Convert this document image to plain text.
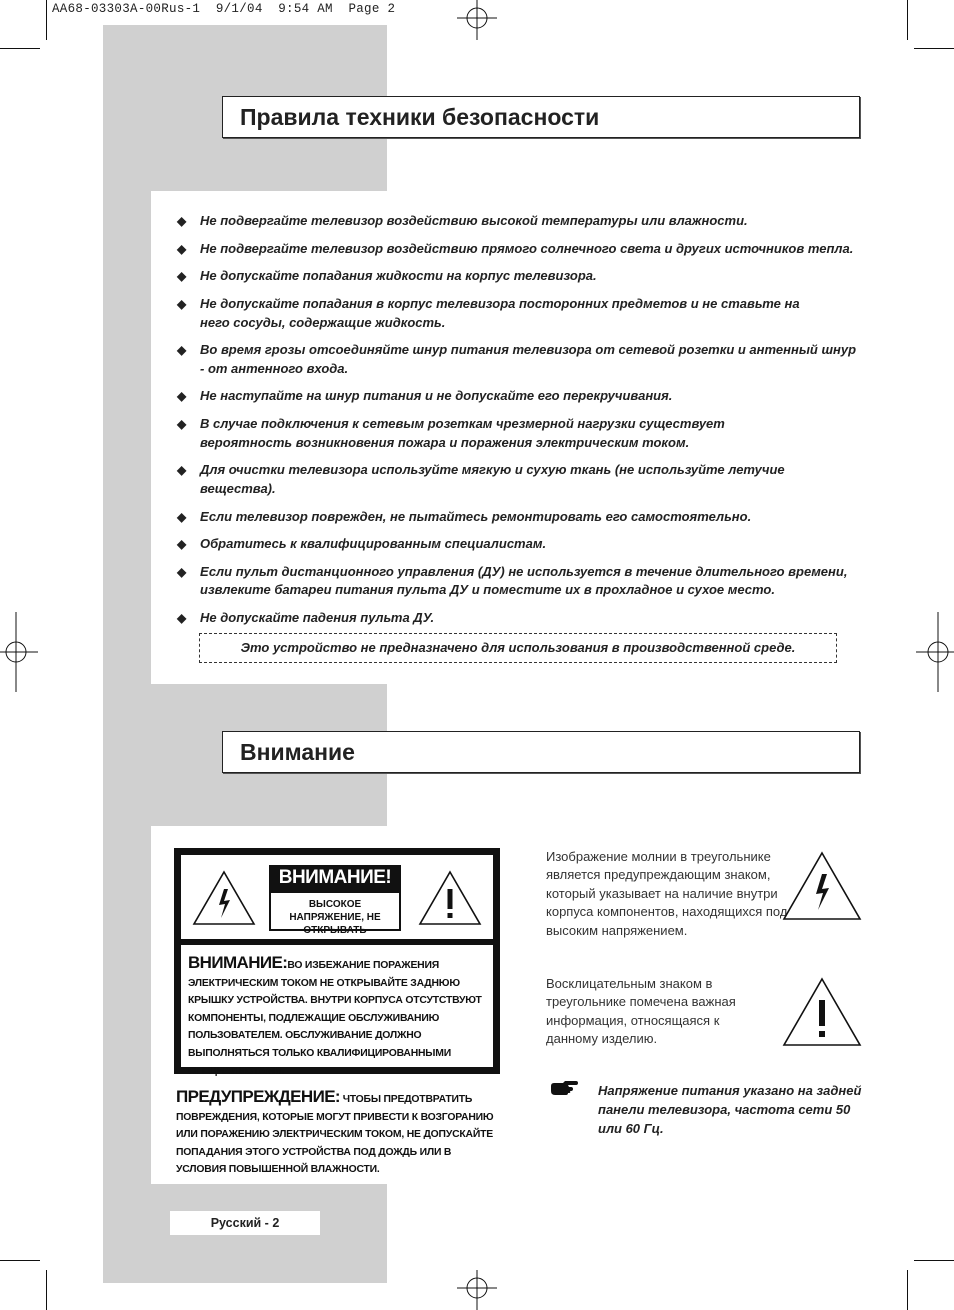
AA68-03303A-00Rus-1  9/1/04  9:54 AM  Page 2
Правила техники безопасности
◆ Не подвергайте телевизор воздействию высокой температуры или влажности.
◆ Не подвергайте телевизор воздействию прямого солнечного света и других источников тепла.
◆ Не допускайте попадания жидкости на корпус телевизора.
◆ Не допускайте попадания в корпус телевизора посторонних предметов и не ставьте на него сосуды, содержащие жидкость.
◆ Во время грозы отсоединяйте шнур питания телевизора от сетевой розетки и антенный шнур - от антенного входа.
◆ Не наступайте на шнур питания и не допускайте его перекручивания.
◆ В случае подключения к сетевым розеткам чрезмерной нагрузки существует вероятность возникновения пожара и поражения электрическим током.
◆ Для очистки телевизора используйте мягкую и сухую ткань (не используйте летучие вещества).
◆ Если телевизор поврежден, не пытайтесь ремонтировать его самостоятельно.
◆ Обратитесь к квалифицированным специалистам.
◆ Если пульт дистанционного управления (ДУ) не используется в течение длительного времени, извлеките батареи питания пульта ДУ и поместите их в прохладное и сухое место.
◆ Не допускайте падения пульта ДУ.
Это устройство не предназначено для использования в производственной среде.
Внимание
ВНИМАНИЕ!
ВЫСОКОЕ НАПРЯЖЕНИЕ, НЕ ОТКРЫВАТЬ
ВНИМАНИЕ:ВО ИЗБЕЖАНИЕ ПОРАЖЕНИЯ ЭЛЕКТРИЧЕСКИМ ТОКОМ НЕ ОТКРЫВАЙТЕ ЗАДНЮЮ КРЫШКУ УСТРОЙСТВА. ВНУТРИ КОРПУСА ОТСУТСТВУЮТ КОМПОНЕНТЫ, ПОДЛЕЖАЩИЕ ОБСЛУЖИВАНИЮ ПОЛЬЗОВАТЕЛЕМ. ОБСЛУЖИВАНИЕ ДОЛЖНО ВЫПОЛНЯТЬСЯ ТОЛЬКО КВАЛИФИЦИРОВАННЫМИ СПЕЦИАЛИСТАМИ.
ПРЕДУПРЕЖДЕНИЕ: ЧТОБЫ ПРЕДОТВРАТИТЬ ПОВРЕЖДЕНИЯ, КОТОРЫЕ МОГУТ ПРИВЕСТИ К ВОЗГОРАНИЮ ИЛИ ПОРАЖЕНИЮ ЭЛЕКТРИЧЕСКИМ ТОКОМ, НЕ ДОПУСКАЙТЕ ПОПАДАНИЯ ЭТОГО УСТРОЙСТВА ПОД ДОЖДЬ ИЛИ В УСЛОВИЯ ПОВЫШЕННОЙ ВЛАЖНОСТИ.
Изображение молнии в треугольнике является предупреждающим знаком, который указывает на наличие внутри корпуса компонентов, находящихся под высоким напряжением.
Восклицательным знаком в треугольнике помечена важная информация, относящаяся к данному изделию.
Напряжение питания указано на задней панели телевизора, частота сети 50 или 60 Гц.
Русский - 2
